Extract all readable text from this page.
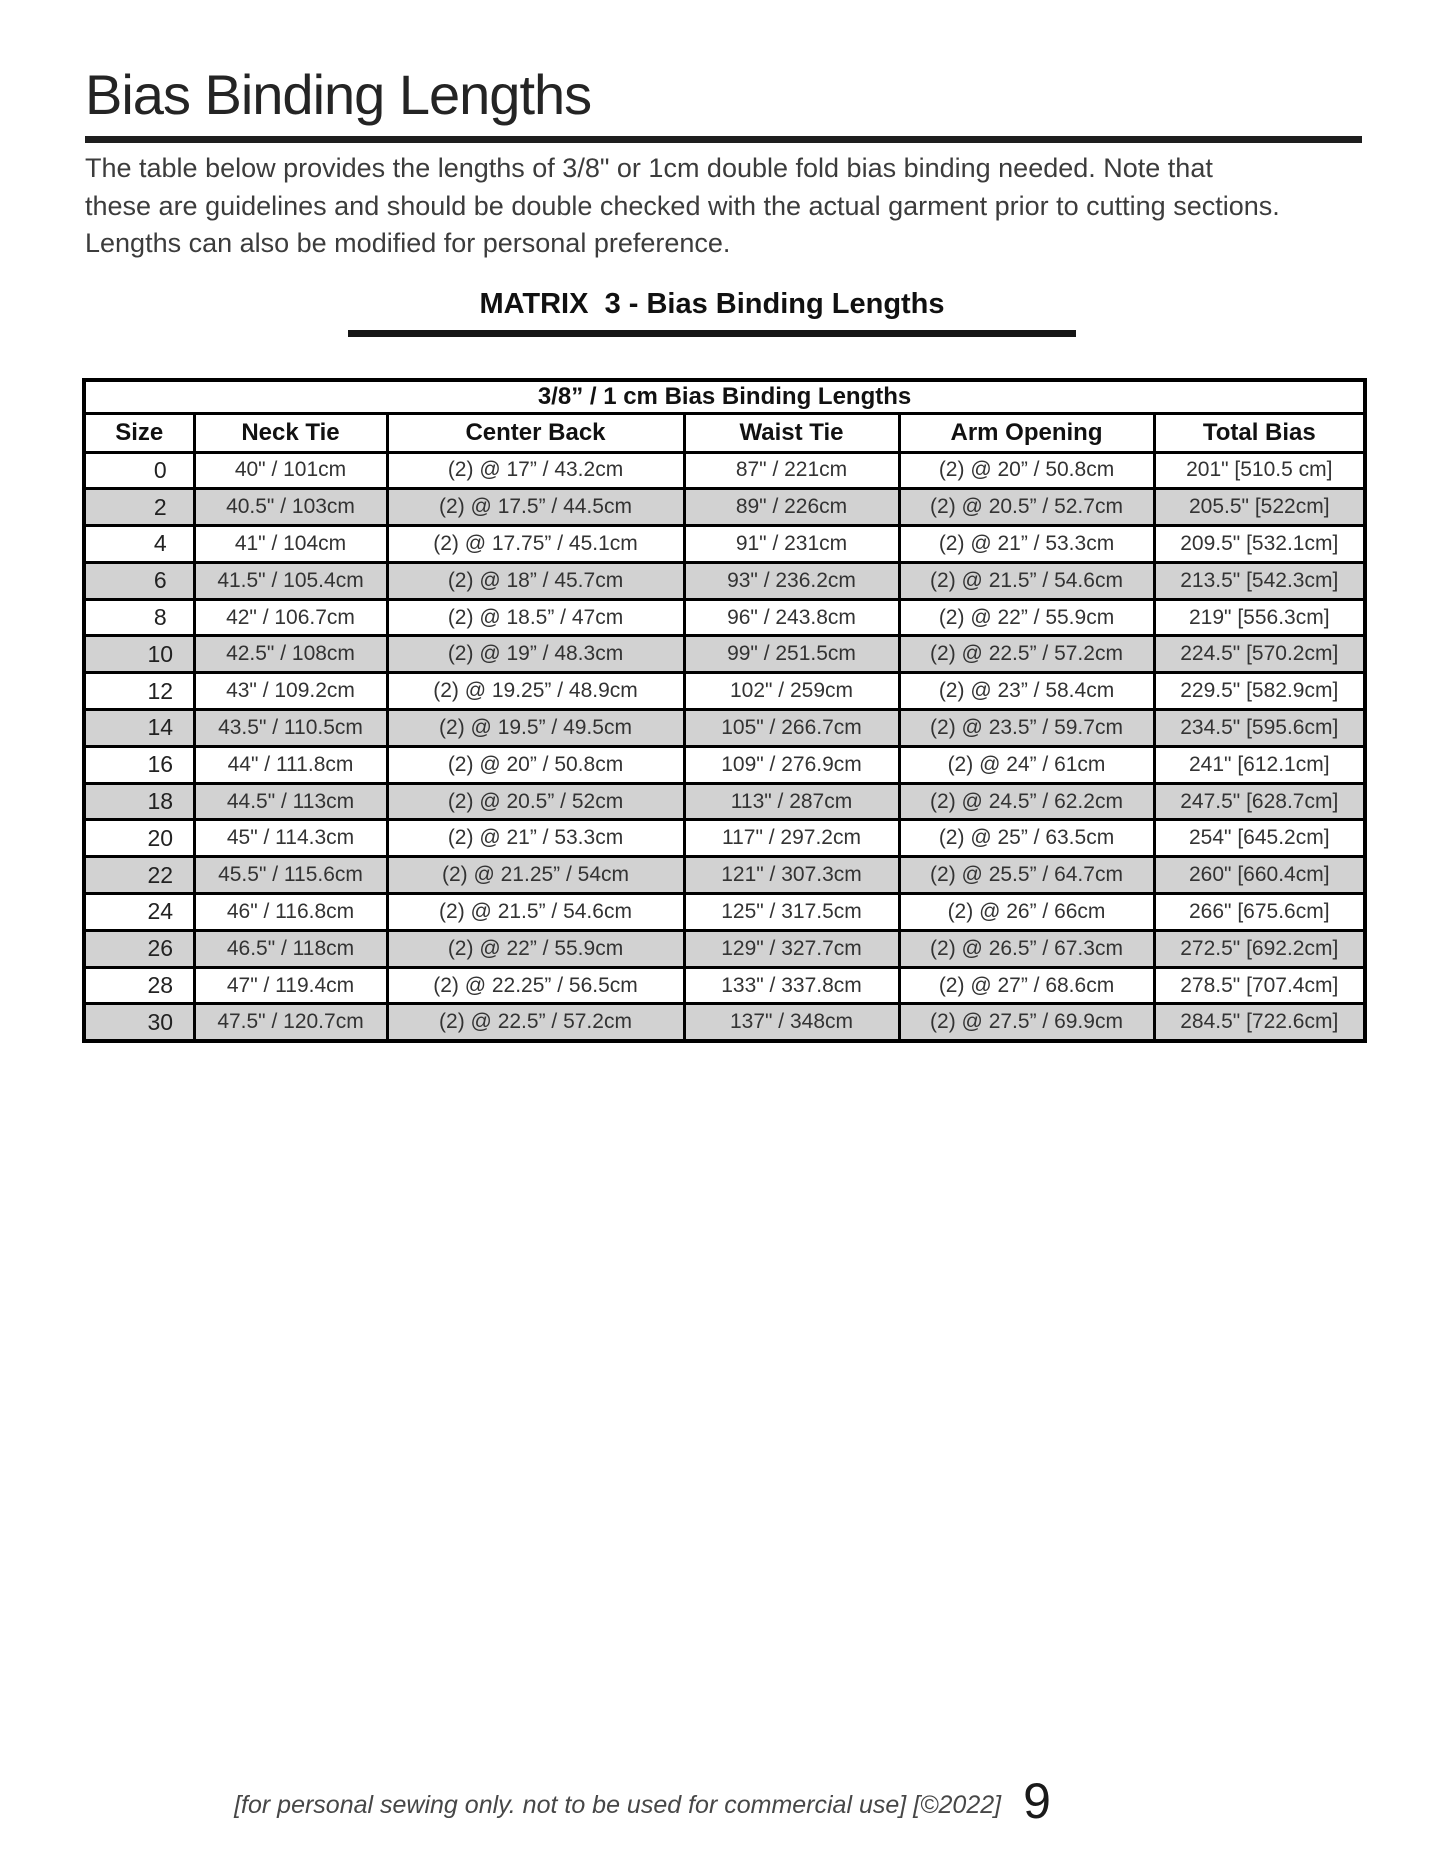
Bias Binding Lengths
The table below provides the lengths of 3/8" or 1cm double fold bias binding needed. Note that
these are guidelines and should be double checked with the actual garment prior to cutting sections.
Lengths can also be modified for personal preference.
MATRIX  3 - Bias Binding Lengths
3/8” / 1 cm Bias Binding Lengths					
Size	Neck Tie	Center Back	Waist Tie	Arm Opening	Total Bias
0	40" / 101cm	(2) @ 17” / 43.2cm	87" / 221cm	(2) @ 20” / 50.8cm	201" [510.5 cm]
2	40.5" / 103cm	(2) @ 17.5” / 44.5cm	89" / 226cm	(2) @ 20.5” / 52.7cm	205.5" [522cm]
4	41" / 104cm	(2) @ 17.75” / 45.1cm	91" / 231cm	(2) @ 21” / 53.3cm	209.5" [532.1cm]
6	41.5" / 105.4cm	(2) @ 18” / 45.7cm	93" / 236.2cm	(2) @ 21.5” / 54.6cm	213.5" [542.3cm]
8	42" / 106.7cm	(2) @ 18.5” / 47cm	96" / 243.8cm	(2) @ 22” / 55.9cm	219" [556.3cm]
10	42.5" / 108cm	(2) @ 19” / 48.3cm	99" / 251.5cm	(2) @ 22.5” / 57.2cm	224.5" [570.2cm]
12	43" / 109.2cm	(2) @ 19.25” / 48.9cm	102" / 259cm	(2) @ 23” / 58.4cm	229.5" [582.9cm]
14	43.5" / 110.5cm	(2) @ 19.5” / 49.5cm	105" / 266.7cm	(2) @ 23.5” / 59.7cm	234.5" [595.6cm]
16	44" / 111.8cm	(2) @ 20” / 50.8cm	109" / 276.9cm	(2) @ 24” / 61cm	241" [612.1cm]
18	44.5" / 113cm	(2) @ 20.5” / 52cm	113" / 287cm	(2) @ 24.5” / 62.2cm	247.5" [628.7cm]
20	45" / 114.3cm	(2) @ 21” / 53.3cm	117" / 297.2cm	(2) @ 25” / 63.5cm	254" [645.2cm]
22	45.5" / 115.6cm	(2) @ 21.25” / 54cm	121" / 307.3cm	(2) @ 25.5” / 64.7cm	260" [660.4cm]
24	46" / 116.8cm	(2) @ 21.5” / 54.6cm	125" / 317.5cm	(2) @ 26” / 66cm	266" [675.6cm]
26	46.5" / 118cm	(2) @ 22” / 55.9cm	129" / 327.7cm	(2) @ 26.5” / 67.3cm	272.5" [692.2cm]
28	47" / 119.4cm	(2) @ 22.25” / 56.5cm	133" / 337.8cm	(2) @ 27” / 68.6cm	278.5" [707.4cm]
30	47.5" / 120.7cm	(2) @ 22.5” / 57.2cm	137" / 348cm	(2) @ 27.5” / 69.9cm	284.5" [722.6cm]
[for personal sewing only. not to be used for commercial use] [©2022] 9
